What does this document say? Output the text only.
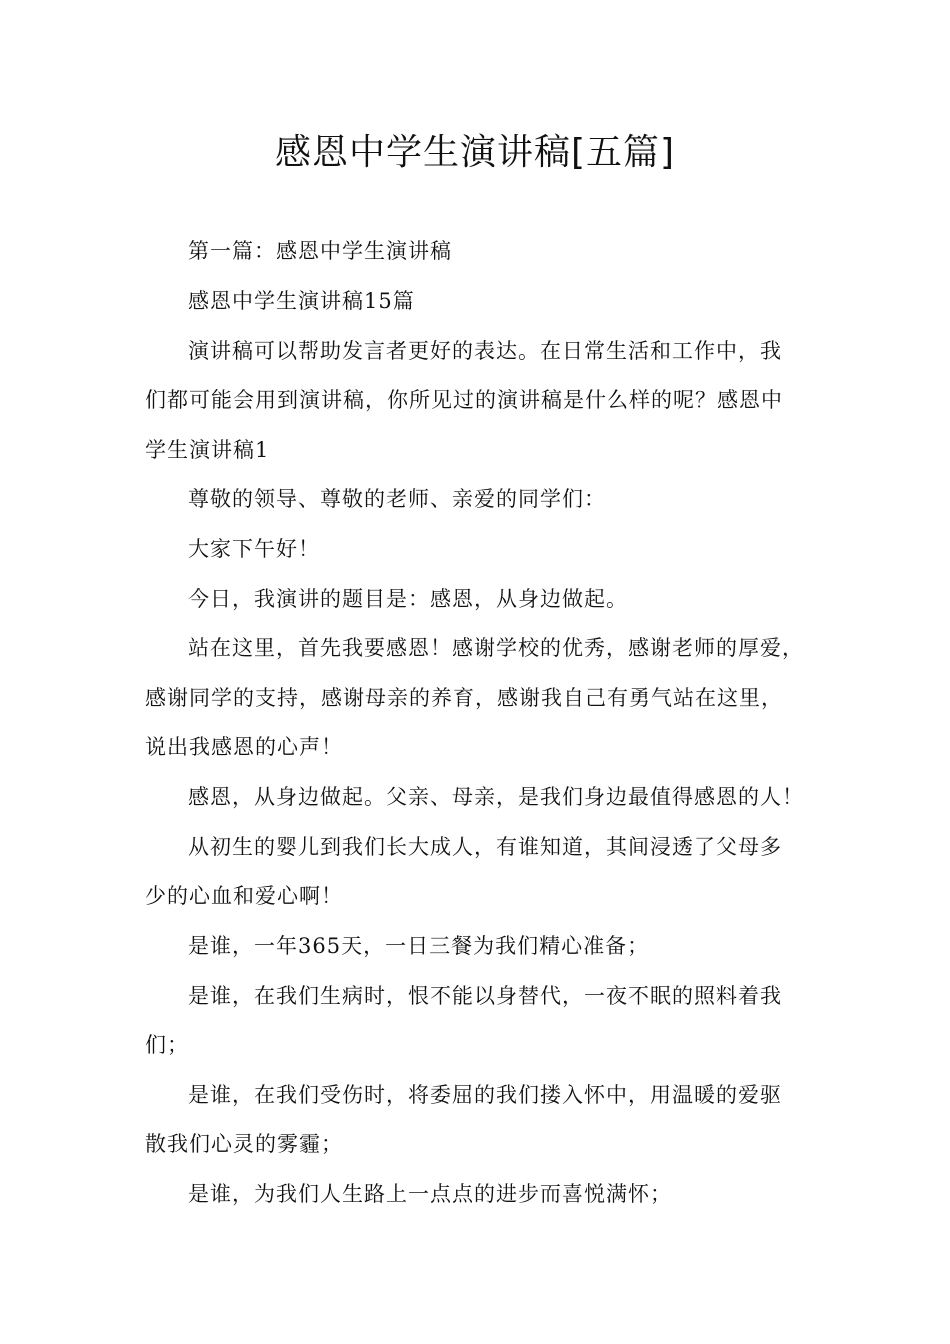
感恩中学生演讲稿[五篇]

第一篇：感恩中学生演讲稿

感恩中学生演讲稿15篇

演讲稿可以帮助发言者更好的表达。在日常生活和工作中，我

们都可能会用到演讲稿，你所见过的演讲稿是什么样的呢？感恩中

学生演讲稿1

尊敬的领导、尊敬的老师、亲爱的同学们：

大家下午好！

今日，我演讲的题目是：感恩，从身边做起。

站在这里，首先我要感恩！感谢学校的优秀，感谢老师的厚爱，

感谢同学的支持，感谢母亲的养育，感谢我自己有勇气站在这里，

说出我感恩的心声！

感恩，从身边做起。父亲、母亲，是我们身边最值得感恩的人！

从初生的婴儿到我们长大成人，有谁知道，其间浸透了父母多

少的心血和爱心啊！

是谁，一年365天，一日三餐为我们精心准备；

是谁，在我们生病时，恨不能以身替代，一夜不眠的照料着我

们；

是谁，在我们受伤时，将委屈的我们搂入怀中，用温暖的爱驱

散我们心灵的雾霾；

是谁，为我们人生路上一点点的进步而喜悦满怀；
